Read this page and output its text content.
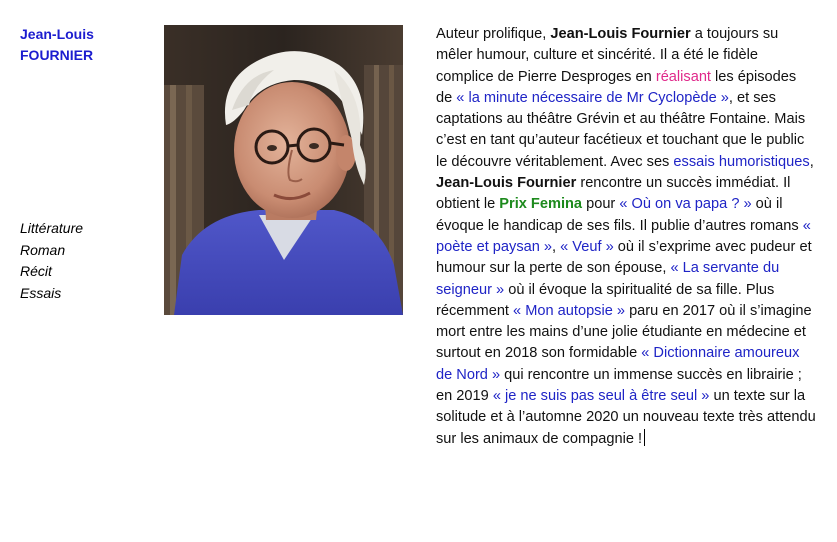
Jean-Louis
FOURNIER
Littérature
Roman
Récit
Essais
Auteur prolifique, Jean-Louis Fournier a toujours su mêler humour, culture et sincérité. Il a été le fidèle complice de Pierre Desproges en réalisant les épisodes de « la minute nécessaire de Mr Cyclopède », et ses captations au théâtre Grévin et au théâtre Fontaine. Mais c’est en tant qu’auteur facétieux et touchant que le public le découvre véritablement. Avec ses essais humoristiques, Jean-Louis Fournier rencontre un succès immédiat. Il obtient le Prix Femina pour « Où on va papa ? » où il évoque le handicap de ses fils. Il publie d’autres romans « poète et paysan », « Veuf » où il s’exprime avec pudeur et humour sur la perte de son épouse, « La servante du seigneur » où il évoque la spiritualité de sa fille. Plus récemment « Mon autopsie » paru en 2017 où il s’imagine mort entre les mains d’une jolie étudiante en médecine et surtout en 2018 son formidable « Dictionnaire amoureux de Nord » qui rencontre un immense succès en librairie ; en 2019 « je ne suis pas seul à être seul » un texte sur la solitude et à l’automne 2020 un nouveau texte très attendu sur les animaux de compagnie !
